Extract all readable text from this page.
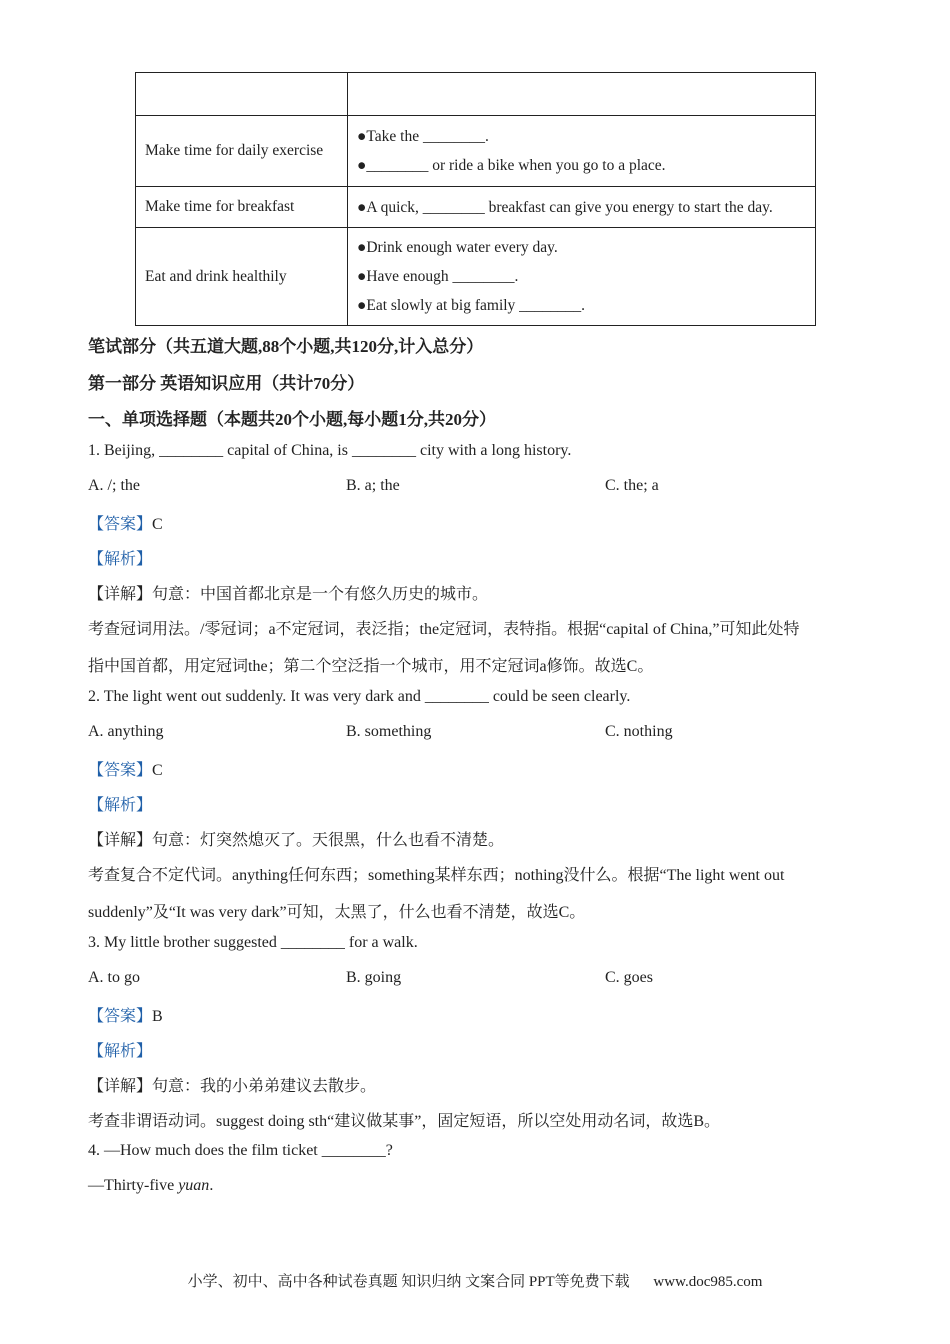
Make time for daily exercise	●Take the ________.
●________ or ride a bike when you go to a place.

Make time for breakfast	●A quick, ________ breakfast can give you energy to start the day.

Eat and drink healthily	●Drink enough water every day.
●Have enough ________.
●Eat slowly at big family ________.
笔试部分（共五道大题,88个小题,共120分,计入总分）
第一部分 英语知识应用（共计70分）
一、单项选择题（本题共20个小题,每小题1分,共20分）
1. Beijing, ________ capital of China, is ________ city with a long history.
A. /; the	B. a; the	C. the; a
【答案】C
【解析】
【详解】句意：中国首都北京是一个有悠久历史的城市。
考查冠词用法。/零冠词；a不定冠词，表泛指；the定冠词，表特指。根据“capital of China,”可知此处特
指中国首都，用定冠词the；第二个空泛指一个城市，用不定冠词a修饰。故选C。
2. The light went out suddenly. It was very dark and ________ could be seen clearly.
A. anything	B. something	C. nothing
【答案】C
【解析】
【详解】句意：灯突然熄灭了。天很黑，什么也看不清楚。
考查复合不定代词。anything任何东西；something某样东西；nothing没什么。根据“The light went out
suddenly”及“It was very dark”可知，太黑了，什么也看不清楚，故选C。
3. My little brother suggested ________ for a walk.
A. to go	B. going	C. goes
【答案】B
【解析】
【详解】句意：我的小弟弟建议去散步。
考查非谓语动词。suggest doing sth“建议做某事”，固定短语，所以空处用动名词，故选B。
4. —How much does the film ticket ________?
—Thirty-five yuan.
小学、初中、高中各种试卷真题 知识归纳 文案合同 PPT等免费下载 www.doc985.com
